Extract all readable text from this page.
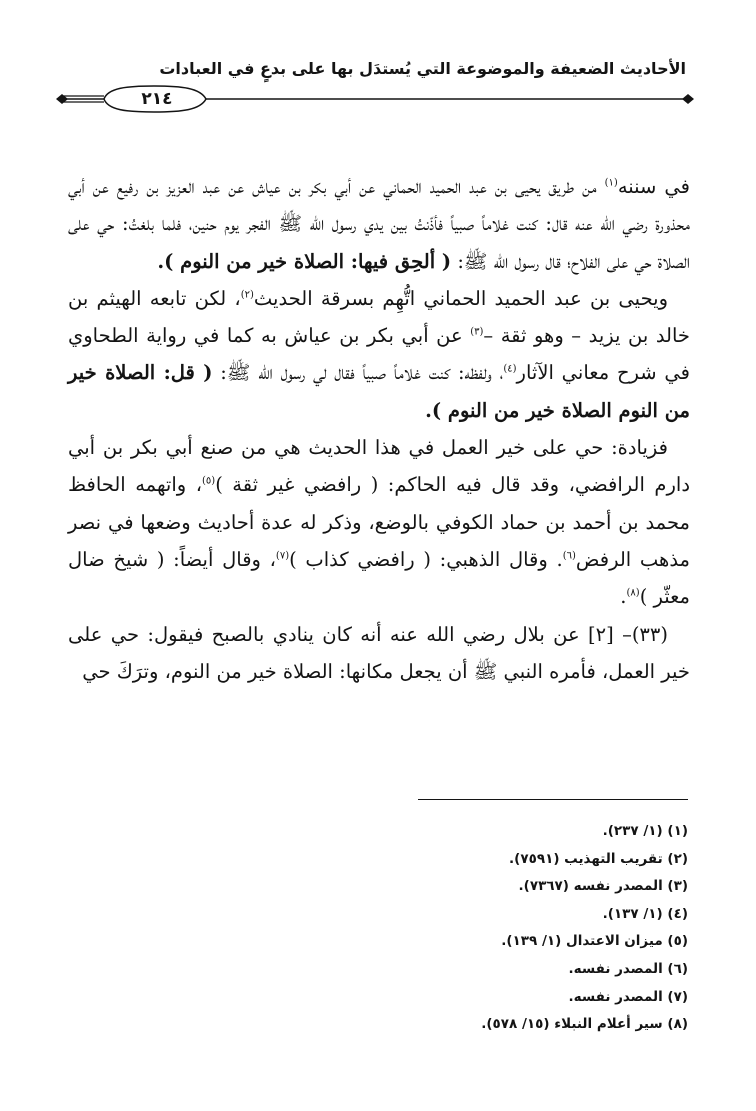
الأحاديث الضعيفة والموضوعة التي يُستدَل بها على بدعٍ في العبادات
٢١٤

في سننه$^{(١)}$ من طريق يحيى بن عبد الحميد الحماني عن أبي بكر بن عياش عن عبد العزيز بن رفيع عن أبي محذورة رضي الله عنه قال: كنت غلاماً صبياً فأذّنتُ بين يدي رسول الله ﷺ الفجر يوم حنين، فلما بلغتُ: حي على الصلاة حي على الفلاح؛ قال رسول الله ﷺ: ( ألحِق فيها: الصلاة خير من النوم ).

ويحيى بن عبد الحميد الحماني اتُّهِم بسرقة الحديث$^{(٢)}$، لكن تابعه الهيثم بن خالد بن يزيد – وهو ثقة –$^{(٣)}$ عن أبي بكر بن عياش به كما في رواية الطحاوي في شرح معاني الآثار$^{(٤)}$، ولفظه: كنت غلاماً صبياً فقال لي رسول الله ﷺ: ( قل: الصلاة خير من النوم الصلاة خير من النوم ).

فزيادة: حي على خير العمل في هذا الحديث هي من صنع أبي بكر بن أبي دارم الرافضي، وقد قال فيه الحاكم: ( رافضي غير ثقة )$^{(٥)}$، واتهمه الحافظ محمد بن أحمد بن حماد الكوفي بالوضع، وذكر له عدة أحاديث وضعها في نصر مذهب الرفض$^{(٦)}$. وقال الذهبي: ( رافضي كذاب )$^{(٧)}$، وقال أيضاً: ( شيخ ضال معثّر )$^{(٨)}$.

(٣٣)– [٢] عن بلال رضي الله عنه أنه كان ينادي بالصبح فيقول: حي على خير العمل، فأمره النبي ﷺ أن يجعل مكانها: الصلاة خير من النوم، وترَكَ حي

(١) (١/ ٢٣٧).

(٢) تقريب التهذيب (٧٥٩١).

(٣) المصدر نفسه (٧٣٦٧).

(٤) (١/ ١٣٧).

(٥) ميزان الاعتدال (١/ ١٣٩).

(٦) المصدر نفسه.

(٧) المصدر نفسه.

(٨) سير أعلام النبلاء (١٥/ ٥٧٨).
